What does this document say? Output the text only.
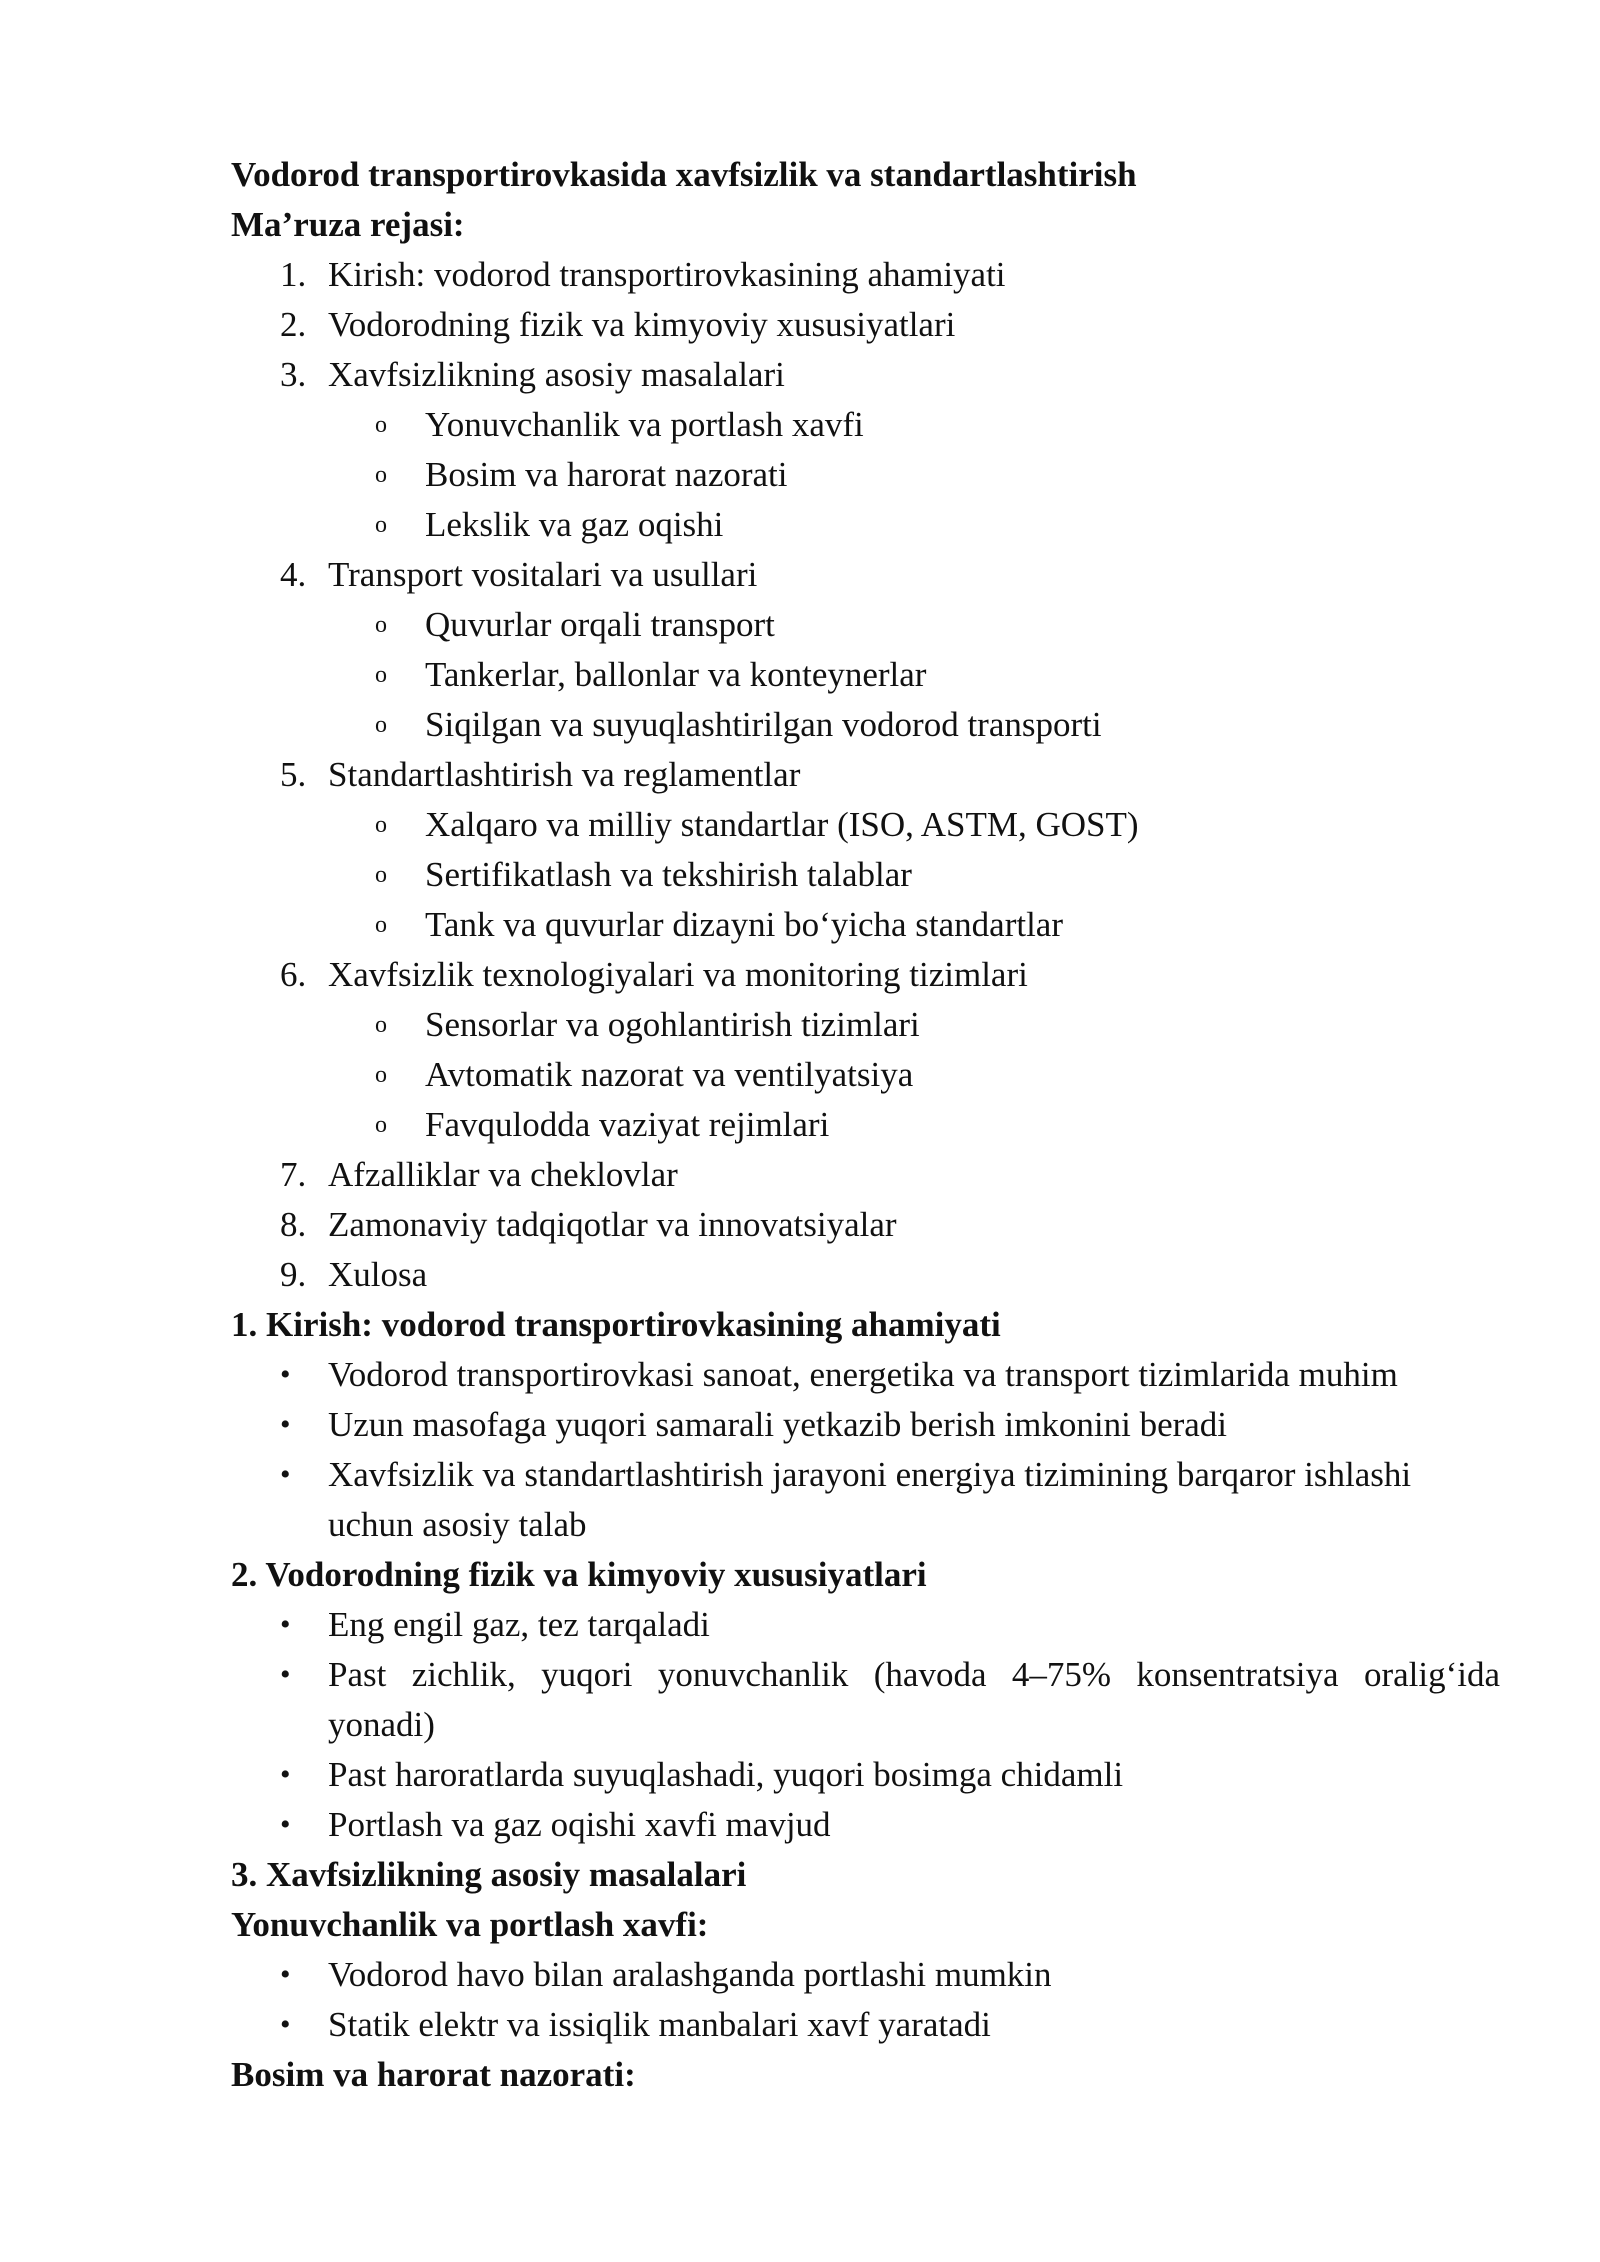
Vodorod transportirovkasida xavfsizlik va standartlashtirish
Ma’ruza rejasi:
1. Kirish: vodorod transportirovkasining ahamiyati
2. Vodorodning fizik va kimyoviy xususiyatlari
3. Xavfsizlikning asosiy masalalari
o Yonuvchanlik va portlash xavfi
o Bosim va harorat nazorati
o Lekslik va gaz oqishi
4. Transport vositalari va usullari
o Quvurlar orqali transport
o Tankerlar, ballonlar va konteynerlar
o Siqilgan va suyuqlashtirilgan vodorod transporti
5. Standartlashtirish va reglamentlar
o Xalqaro va milliy standartlar (ISO, ASTM, GOST)
o Sertifikatlash va tekshirish talablar
o Tank va quvurlar dizayni bo‘yicha standartlar
6. Xavfsizlik texnologiyalari va monitoring tizimlari
o Sensorlar va ogohlantirish tizimlari
o Avtomatik nazorat va ventilyatsiya
o Favqulodda vaziyat rejimlari
7. Afzalliklar va cheklovlar
8. Zamonaviy tadqiqotlar va innovatsiyalar
9. Xulosa
1. Kirish: vodorod transportirovkasining ahamiyati
• Vodorod transportirovkasi sanoat, energetika va transport tizimlarida muhim
• Uzun masofaga yuqori samarali yetkazib berish imkonini beradi
• Xavfsizlik va standartlashtirish jarayoni energiya tizimining barqaror ishlashi
uchun asosiy talab
2. Vodorodning fizik va kimyoviy xususiyatlari
• Eng engil gaz, tez tarqaladi
• Past zichlik, yuqori yonuvchanlik (havoda 4–75% konsentratsiya oralig‘ida
yonadi)
• Past haroratlarda suyuqlashadi, yuqori bosimga chidamli
• Portlash va gaz oqishi xavfi mavjud
3. Xavfsizlikning asosiy masalalari
Yonuvchanlik va portlash xavfi:
• Vodorod havo bilan aralashganda portlashi mumkin
• Statik elektr va issiqlik manbalari xavf yaratadi
Bosim va harorat nazorati:
